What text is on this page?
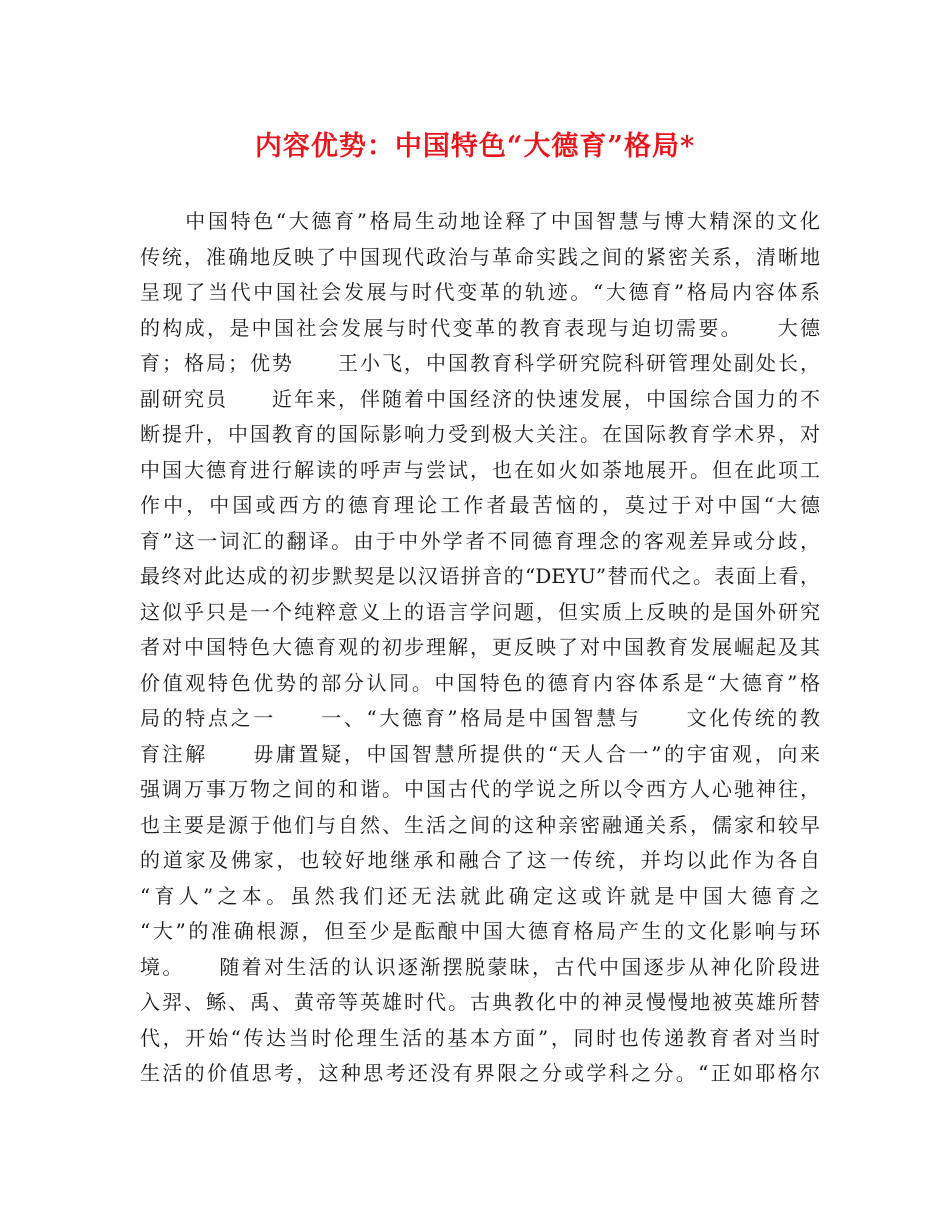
内容优势：中国特色“大德育”格局*
　　中国特色“大德育”格局生动地诠释了中国智慧与博大精深的文化
传统，准确地反映了中国现代政治与革命实践之间的紧密关系，清晰地
呈现了当代中国社会发展与时代变革的轨迹。“大德育”格局内容体系
的构成，是中国社会发展与时代变革的教育表现与迫切需要。　　大德
育；格局；优势　　王小飞，中国教育科学研究院科研管理处副处长，
副研究员　　近年来，伴随着中国经济的快速发展，中国综合国力的不
断提升，中国教育的国际影响力受到极大关注。在国际教育学术界，对
中国大德育进行解读的呼声与尝试，也在如火如荼地展开。但在此项工
作中，中国或西方的德育理论工作者最苦恼的，莫过于对中国“大德
育”这一词汇的翻译。由于中外学者不同德育理念的客观差异或分歧，
最终对此达成的初步默契是以汉语拼音的“DEYU”替而代之。表面上看，
这似乎只是一个纯粹意义上的语言学问题，但实质上反映的是国外研究
者对中国特色大德育观的初步理解，更反映了对中国教育发展崛起及其
价值观特色优势的部分认同。中国特色的德育内容体系是“大德育”格
局的特点之一　　一、“大德育”格局是中国智慧与　　文化传统的教
育注解　　毋庸置疑，中国智慧所提供的“天人合一”的宇宙观，向来
强调万事万物之间的和谐。中国古代的学说之所以令西方人心驰神往，
也主要是源于他们与自然、生活之间的这种亲密融通关系，儒家和较早
的道家及佛家，也较好地继承和融合了这一传统，并均以此作为各自
“育人”之本。虽然我们还无法就此确定这或许就是中国大德育之
“大”的准确根源，但至少是酝酿中国大德育格局产生的文化影响与环
境。　　随着对生活的认识逐渐摆脱蒙昧，古代中国逐步从神化阶段进
入羿、鲧、禹、黄帝等英雄时代。古典教化中的神灵慢慢地被英雄所替
代，开始“传达当时伦理生活的基本方面”，同时也传递教育者对当时
生活的价值思考，这种思考还没有界限之分或学科之分。“正如耶格尔
